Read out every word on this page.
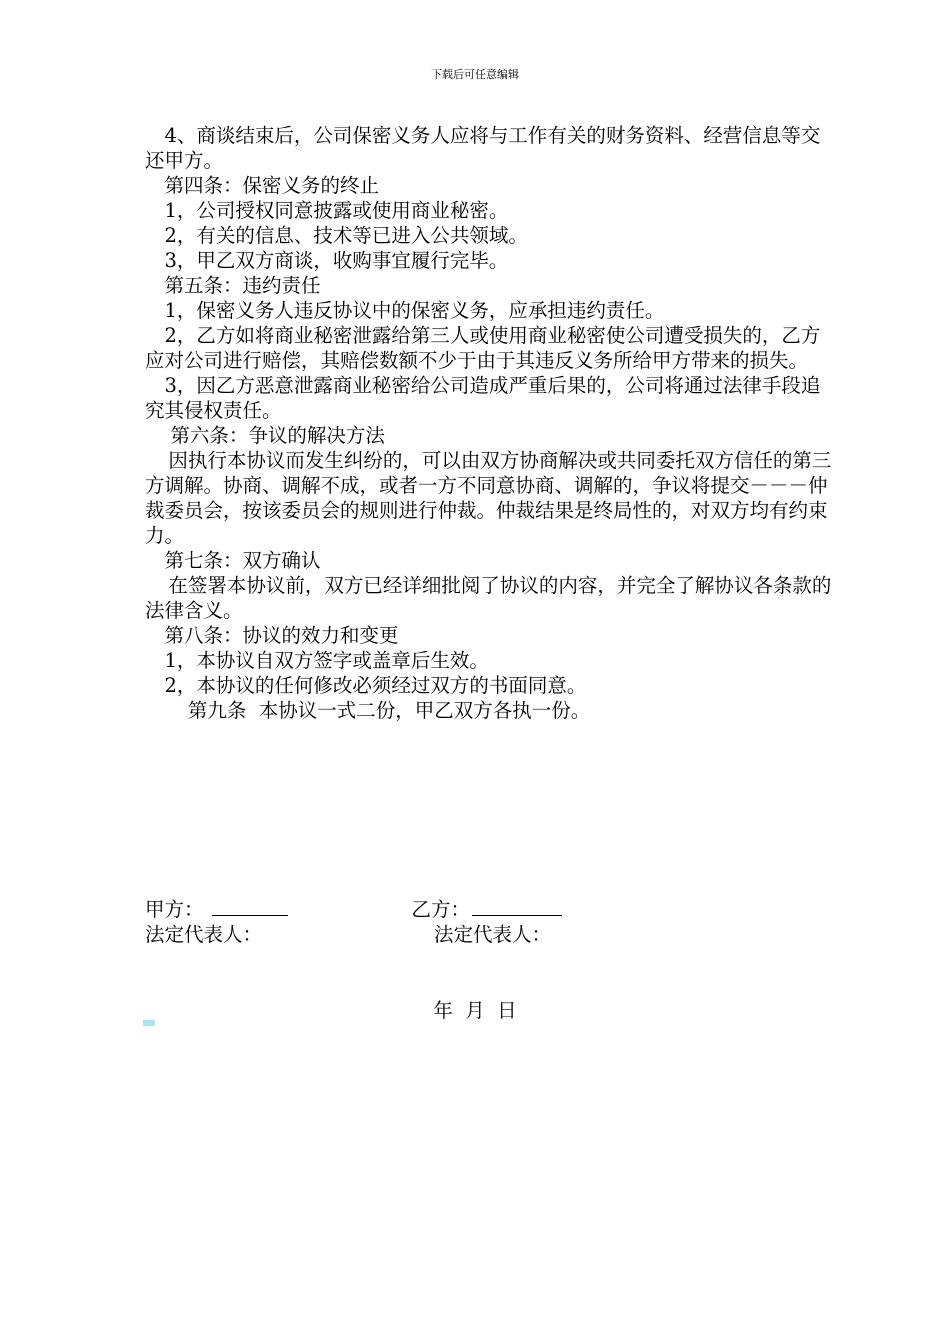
下载后可任意编辑

4、商谈结束后，公司保密义务人应将与工作有关的财务资料、经营信息等交还甲方。

第四条：保密义务的终止

1，公司授权同意披露或使用商业秘密。

2，有关的信息、技术等已进入公共领域。

3，甲乙双方商谈，收购事宜履行完毕。

第五条：违约责任

1，保密义务人违反协议中的保密义务，应承担违约责任。

2，乙方如将商业秘密泄露给第三人或使用商业秘密使公司遭受损失的，乙方应对公司进行赔偿，其赔偿数额不少于由于其违反义务所给甲方带来的损失。

3，因乙方恶意泄露商业秘密给公司造成严重后果的，公司将通过法律手段追究其侵权责任。

第六条：争议的解决方法

因执行本协议而发生纠纷的，可以由双方协商解决或共同委托双方信任的第三方调解。协商、调解不成，或者一方不同意协商、调解的，争议将提交－－－仲裁委员会，按该委员会的规则进行仲裁。仲裁结果是终局性的，对双方均有约束力。

第七条：双方确认

在签署本协议前，双方已经详细批阅了协议的内容，并完全了解协议各条款的法律含义。

第八条：协议的效力和变更

1，本协议自双方签字或盖章后生效。

2，本协议的任何修改必须经过双方的书面同意。

第九条  本协议一式二份，甲乙双方各执一份。

甲方：	乙方：
法定代表人：	法定代表人：
年  月  日
